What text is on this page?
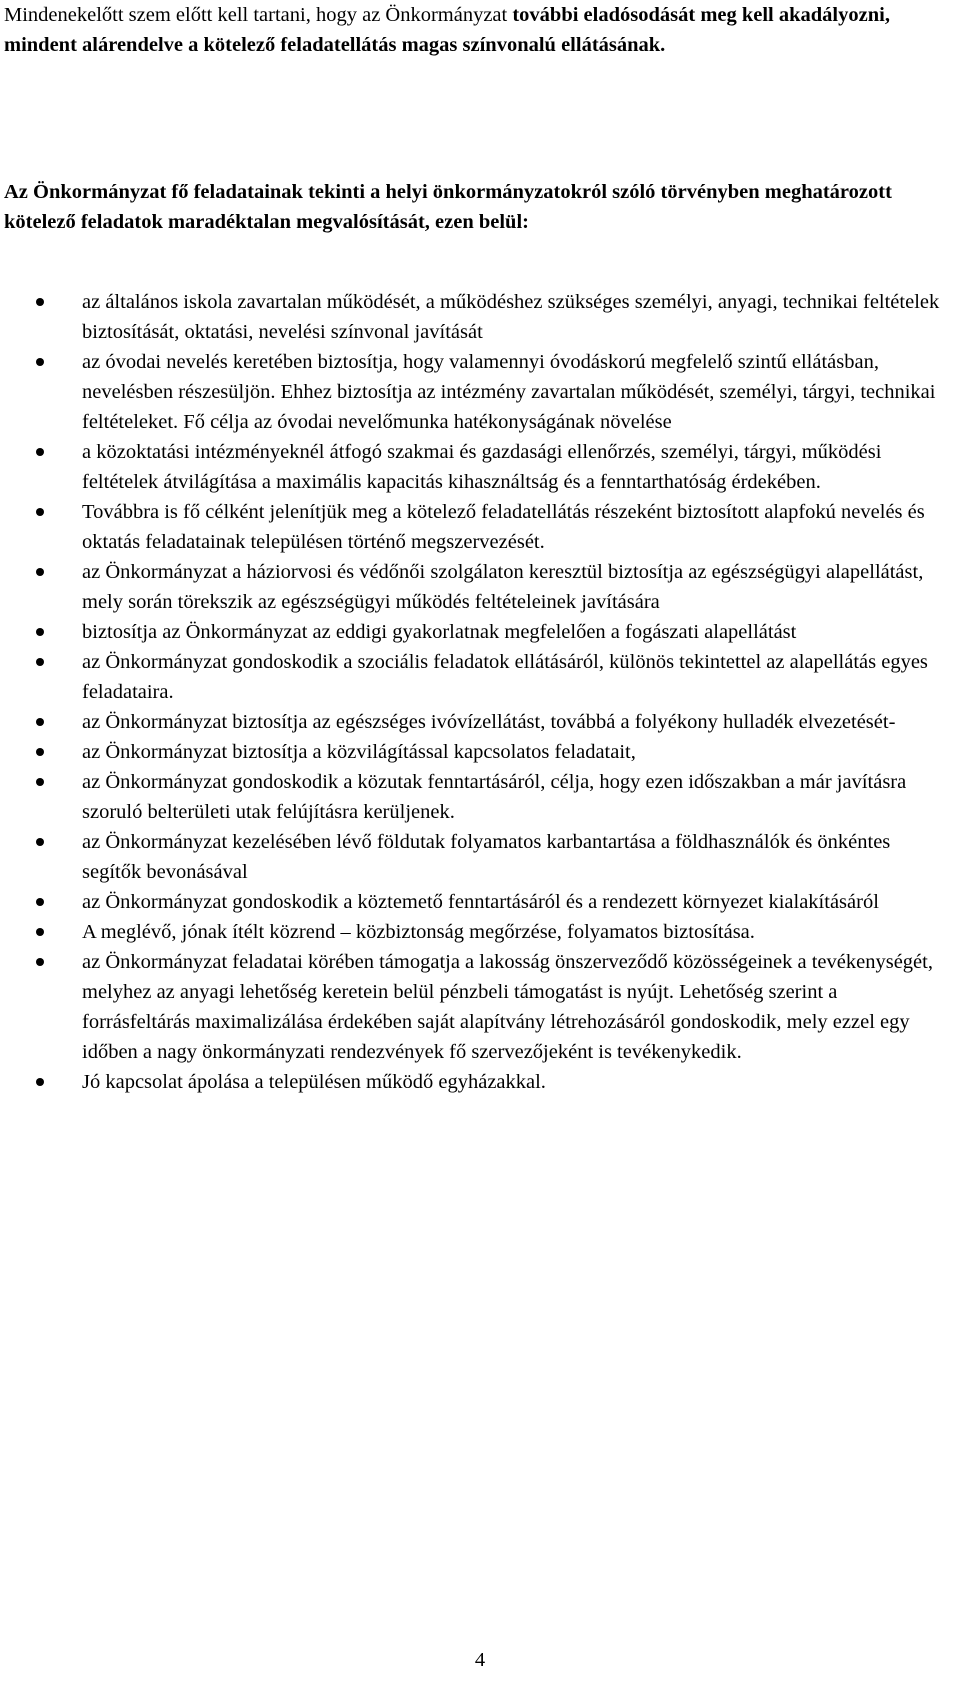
Mindenekelőtt szem előtt kell tartani, hogy az Önkormányzat további eladósodását meg kell akadályozni, mindent alárendelve a kötelező feladatellátás magas színvonalú ellátásának.

Az Önkormányzat fő feladatainak tekinti a helyi önkormányzatokról szóló törvényben meghatározott kötelező feladatok maradéktalan megvalósítását, ezen belül:

az általános iskola zavartalan működését, a működéshez szükséges személyi, anyagi, technikai feltételek biztosítását, oktatási, nevelési színvonal javítását
az óvodai nevelés keretében biztosítja, hogy valamennyi óvodáskorú megfelelő szintű ellátásban, nevelésben részesüljön. Ehhez biztosítja az intézmény zavartalan működését, személyi, tárgyi, technikai feltételeket. Fő célja az óvodai nevelőmunka hatékonyságának növelése
a közoktatási intézményeknél átfogó szakmai és gazdasági ellenőrzés, személyi, tárgyi, működési feltételek átvilágítása a maximális kapacitás kihasználtság és a fenntarthatóság érdekében.
Továbbra is fő célként jelenítjük meg a kötelező feladatellátás részeként biztosított alapfokú nevelés és oktatás feladatainak településen történő megszervezését.
az Önkormányzat a háziorvosi és védőnői szolgálaton keresztül biztosítja az egészségügyi alapellátást, mely során törekszik az egészségügyi működés feltételeinek javítására
biztosítja az Önkormányzat az eddigi gyakorlatnak megfelelően a fogászati alapellátást
az Önkormányzat gondoskodik a szociális feladatok ellátásáról, különös tekintettel az alapellátás egyes feladataira.
az Önkormányzat biztosítja az egészséges ivóvízellátást, továbbá a folyékony hulladék elvezetését-
az Önkormányzat biztosítja a közvilágítással kapcsolatos feladatait,
az Önkormányzat gondoskodik a közutak fenntartásáról, célja, hogy ezen időszakban a már javításra szoruló belterületi utak felújításra kerüljenek.
az Önkormányzat kezelésében lévő földutak folyamatos karbantartása a földhasználók és önkéntes segítők bevonásával
az Önkormányzat gondoskodik a köztemető fenntartásáról és a rendezett környezet kialakításáról
A meglévő, jónak ítélt közrend – közbiztonság megőrzése, folyamatos biztosítása.
az Önkormányzat feladatai körében támogatja a lakosság önszerveződő közösségeinek a tevékenységét, melyhez az anyagi lehetőség keretein belül pénzbeli támogatást is nyújt. Lehetőség szerint a forrásfeltárás maximalizálása érdekében saját alapítvány létrehozásáról gondoskodik, mely ezzel egy időben a nagy önkormányzati rendezvények fő szervezőjeként is tevékenykedik.
Jó kapcsolat ápolása a településen működő egyházakkal.
4
